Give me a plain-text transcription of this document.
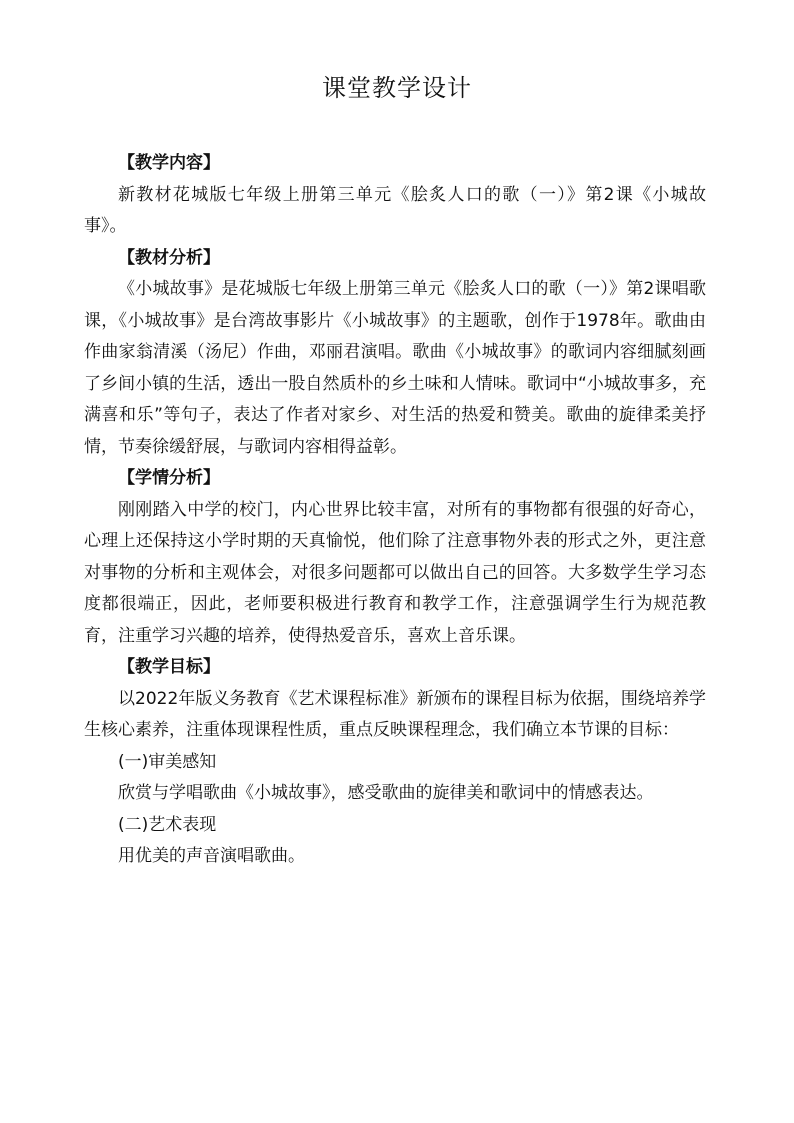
课堂教学设计

【教学内容】

新教材花城版七年级上册第三单元《脍炙人口的歌（一）》第2课《小城故事》。

【教材分析】

《小城故事》是花城版七年级上册第三单元《脍炙人口的歌（一）》第2课唱歌课，《小城故事》是台湾故事影片《小城故事》的主题歌，创作于1978年。歌曲由作曲家翁清溪（汤尼）作曲，邓丽君演唱。歌曲《小城故事》的歌词内容细腻刻画了乡间小镇的生活，透出一股自然质朴的乡土味和人情味。歌词中“小城故事多，充满喜和乐”等句子，表达了作者对家乡、对生活的热爱和赞美。歌曲的旋律柔美抒情，节奏徐缓舒展，与歌词内容相得益彰。

【学情分析】

刚刚踏入中学的校门，内心世界比较丰富，对所有的事物都有很强的好奇心，心理上还保持这小学时期的天真愉悦，他们除了注意事物外表的形式之外，更注意对事物的分析和主观体会，对很多问题都可以做出自己的回答。大多数学生学习态度都很端正，因此，老师要积极进行教育和教学工作，注意强调学生行为规范教育，注重学习兴趣的培养，使得热爱音乐，喜欢上音乐课。

【教学目标】

以2022年版义务教育《艺术课程标准》新颁布的课程目标为依据，围绕培养学生核心素养，注重体现课程性质，重点反映课程理念，我们确立本节课的目标：

(一)审美感知

欣赏与学唱歌曲《小城故事》，感受歌曲的旋律美和歌词中的情感表达。

(二)艺术表现

用优美的声音演唱歌曲。
